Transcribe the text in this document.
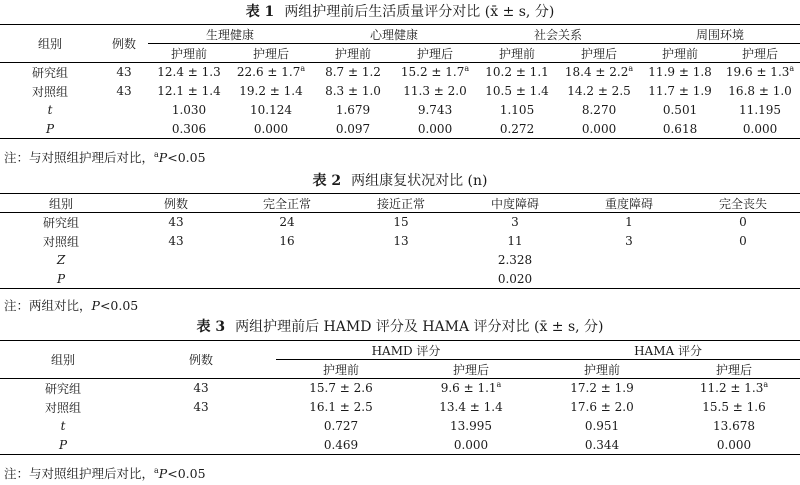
表 1 两组护理前后生活质量评分对比 (x̄ ± s, 分)
组别	例数	生理健康		心理健康		社会关系		周围环境	
		护理前	护理后	护理前	护理后	护理前	护理后	护理前	护理后
研究组	43	12.4 ± 1.3	22.6 ± 1.7$^a$	8.7 ± 1.2	15.2 ± 1.7$^a$	10.2 ± 1.1	18.4 ± 2.2$^a$	11.9 ± 1.8	19.6 ± 1.3$^a$
对照组	43	12.1 ± 1.4	19.2 ± 1.4	8.3 ± 1.0	11.3 ± 2.0	10.5 ± 1.4	14.2 ± 2.5	11.7 ± 1.9	16.8 ± 1.0
t		1.030	10.124	1.679	9.743	1.105	8.270	0.501	11.195
P		0.306	0.000	0.097	0.000	0.272	0.000	0.618	0.000
注：与对照组护理后对比，$^a$P<0.05
表 2 两组康复状况对比 (n)
组别	例数	完全正常	接近正常	中度障碍	重度障碍	完全丧失
研究组	43	24	15	3	1	0
对照组	43	16	13	11	3	0
Z				2.328		
P				0.020		
注：两组对比，P<0.05
表 3 两组护理前后 HAMD 评分及 HAMA 评分对比 (x̄ ± s, 分)
组别	例数	HAMD 评分		HAMA 评分	
		护理前	护理后	护理前	护理后
研究组	43	15.7 ± 2.6	9.6 ± 1.1$^a$	17.2 ± 1.9	11.2 ± 1.3$^a$
对照组	43	16.1 ± 2.5	13.4 ± 1.4	17.6 ± 2.0	15.5 ± 1.6
t		0.727	13.995	0.951	13.678
P		0.469	0.000	0.344	0.000
注：与对照组护理后对比，$^a$P<0.05
